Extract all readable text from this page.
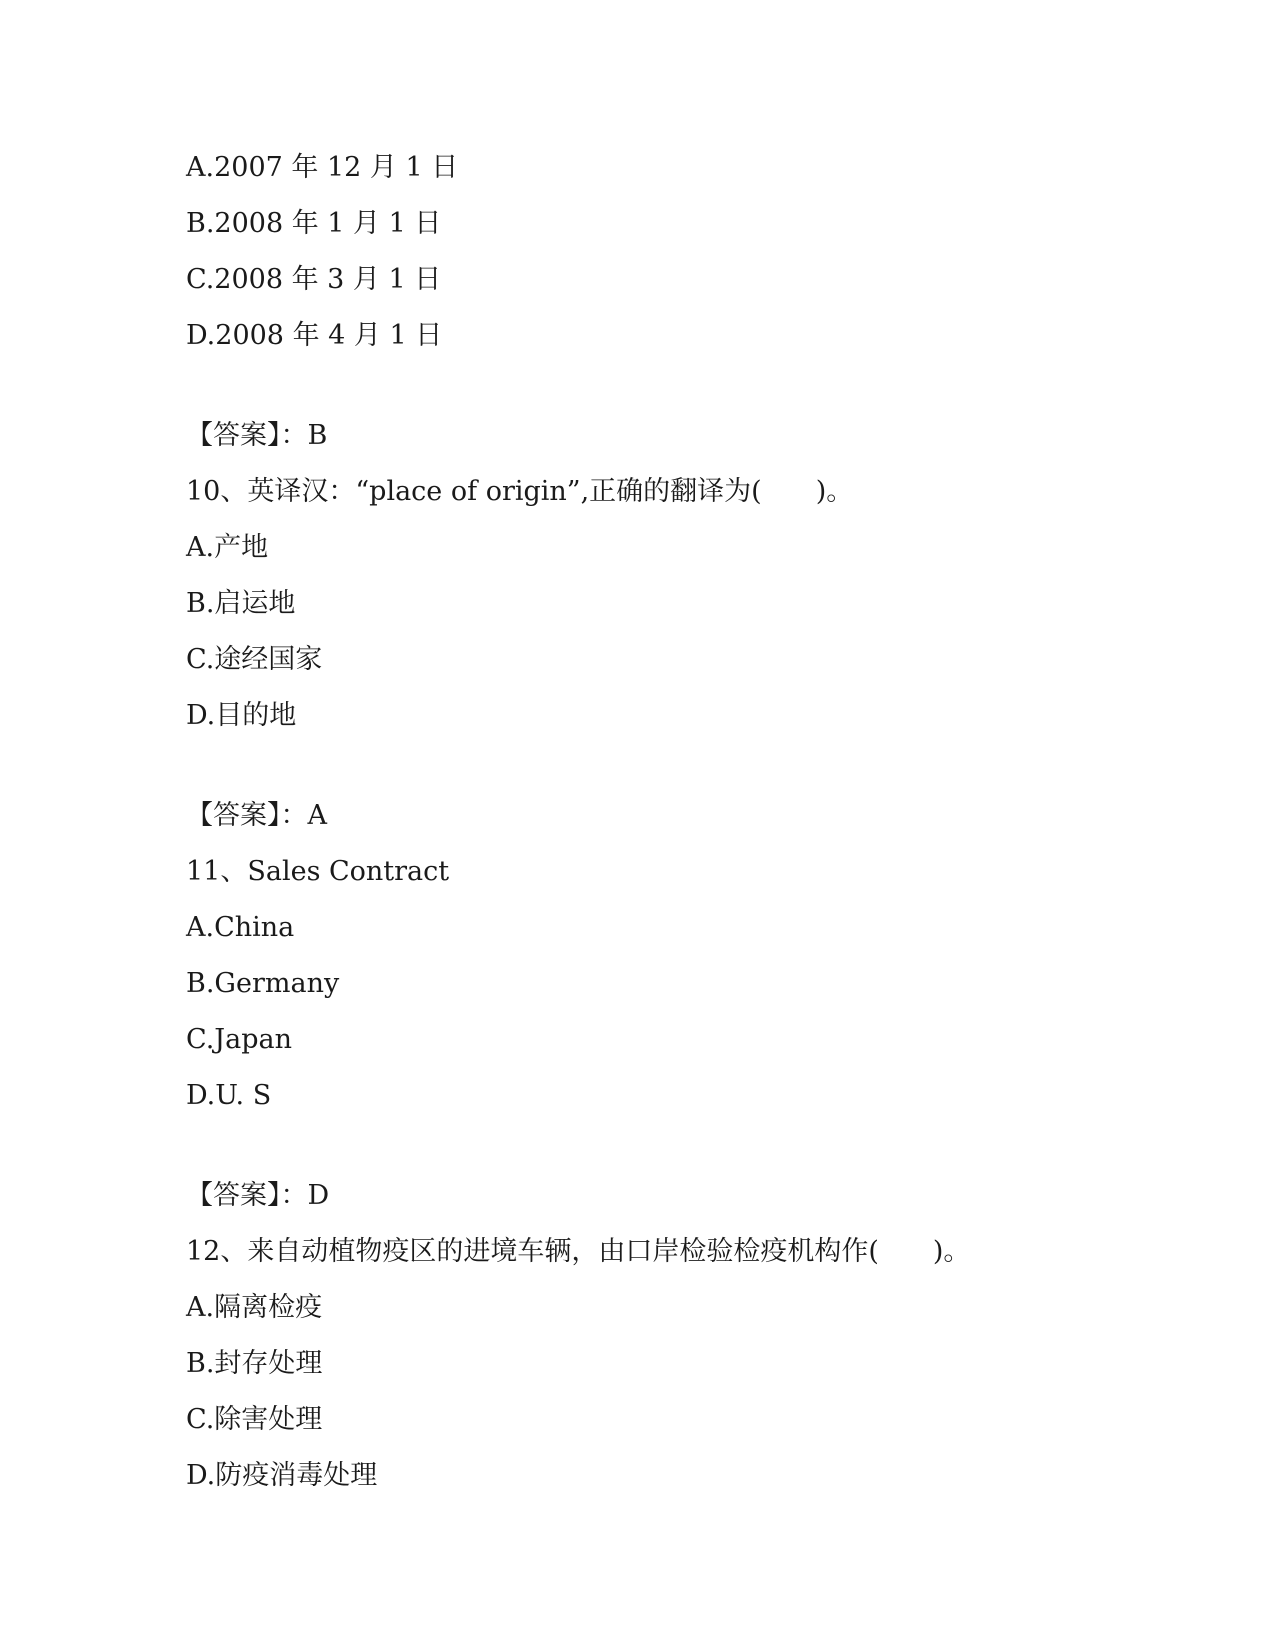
A.2007 年 12 月 1 日
B.2008 年 1 月 1 日
C.2008 年 3 月 1 日
D.2008 年 4 月 1 日
【答案】：B
10、英译汉：“place of origin”,正确的翻译为(　　)。
A.产地
B.启运地
C.途经国家
D.目的地
【答案】：A
11、Sales Contract
A.China
B.Germany
C.Japan
D.U. S
【答案】：D
12、来自动植物疫区的进境车辆，由口岸检验检疫机构作(　　)。
A.隔离检疫
B.封存处理
C.除害处理
D.防疫消毒处理
